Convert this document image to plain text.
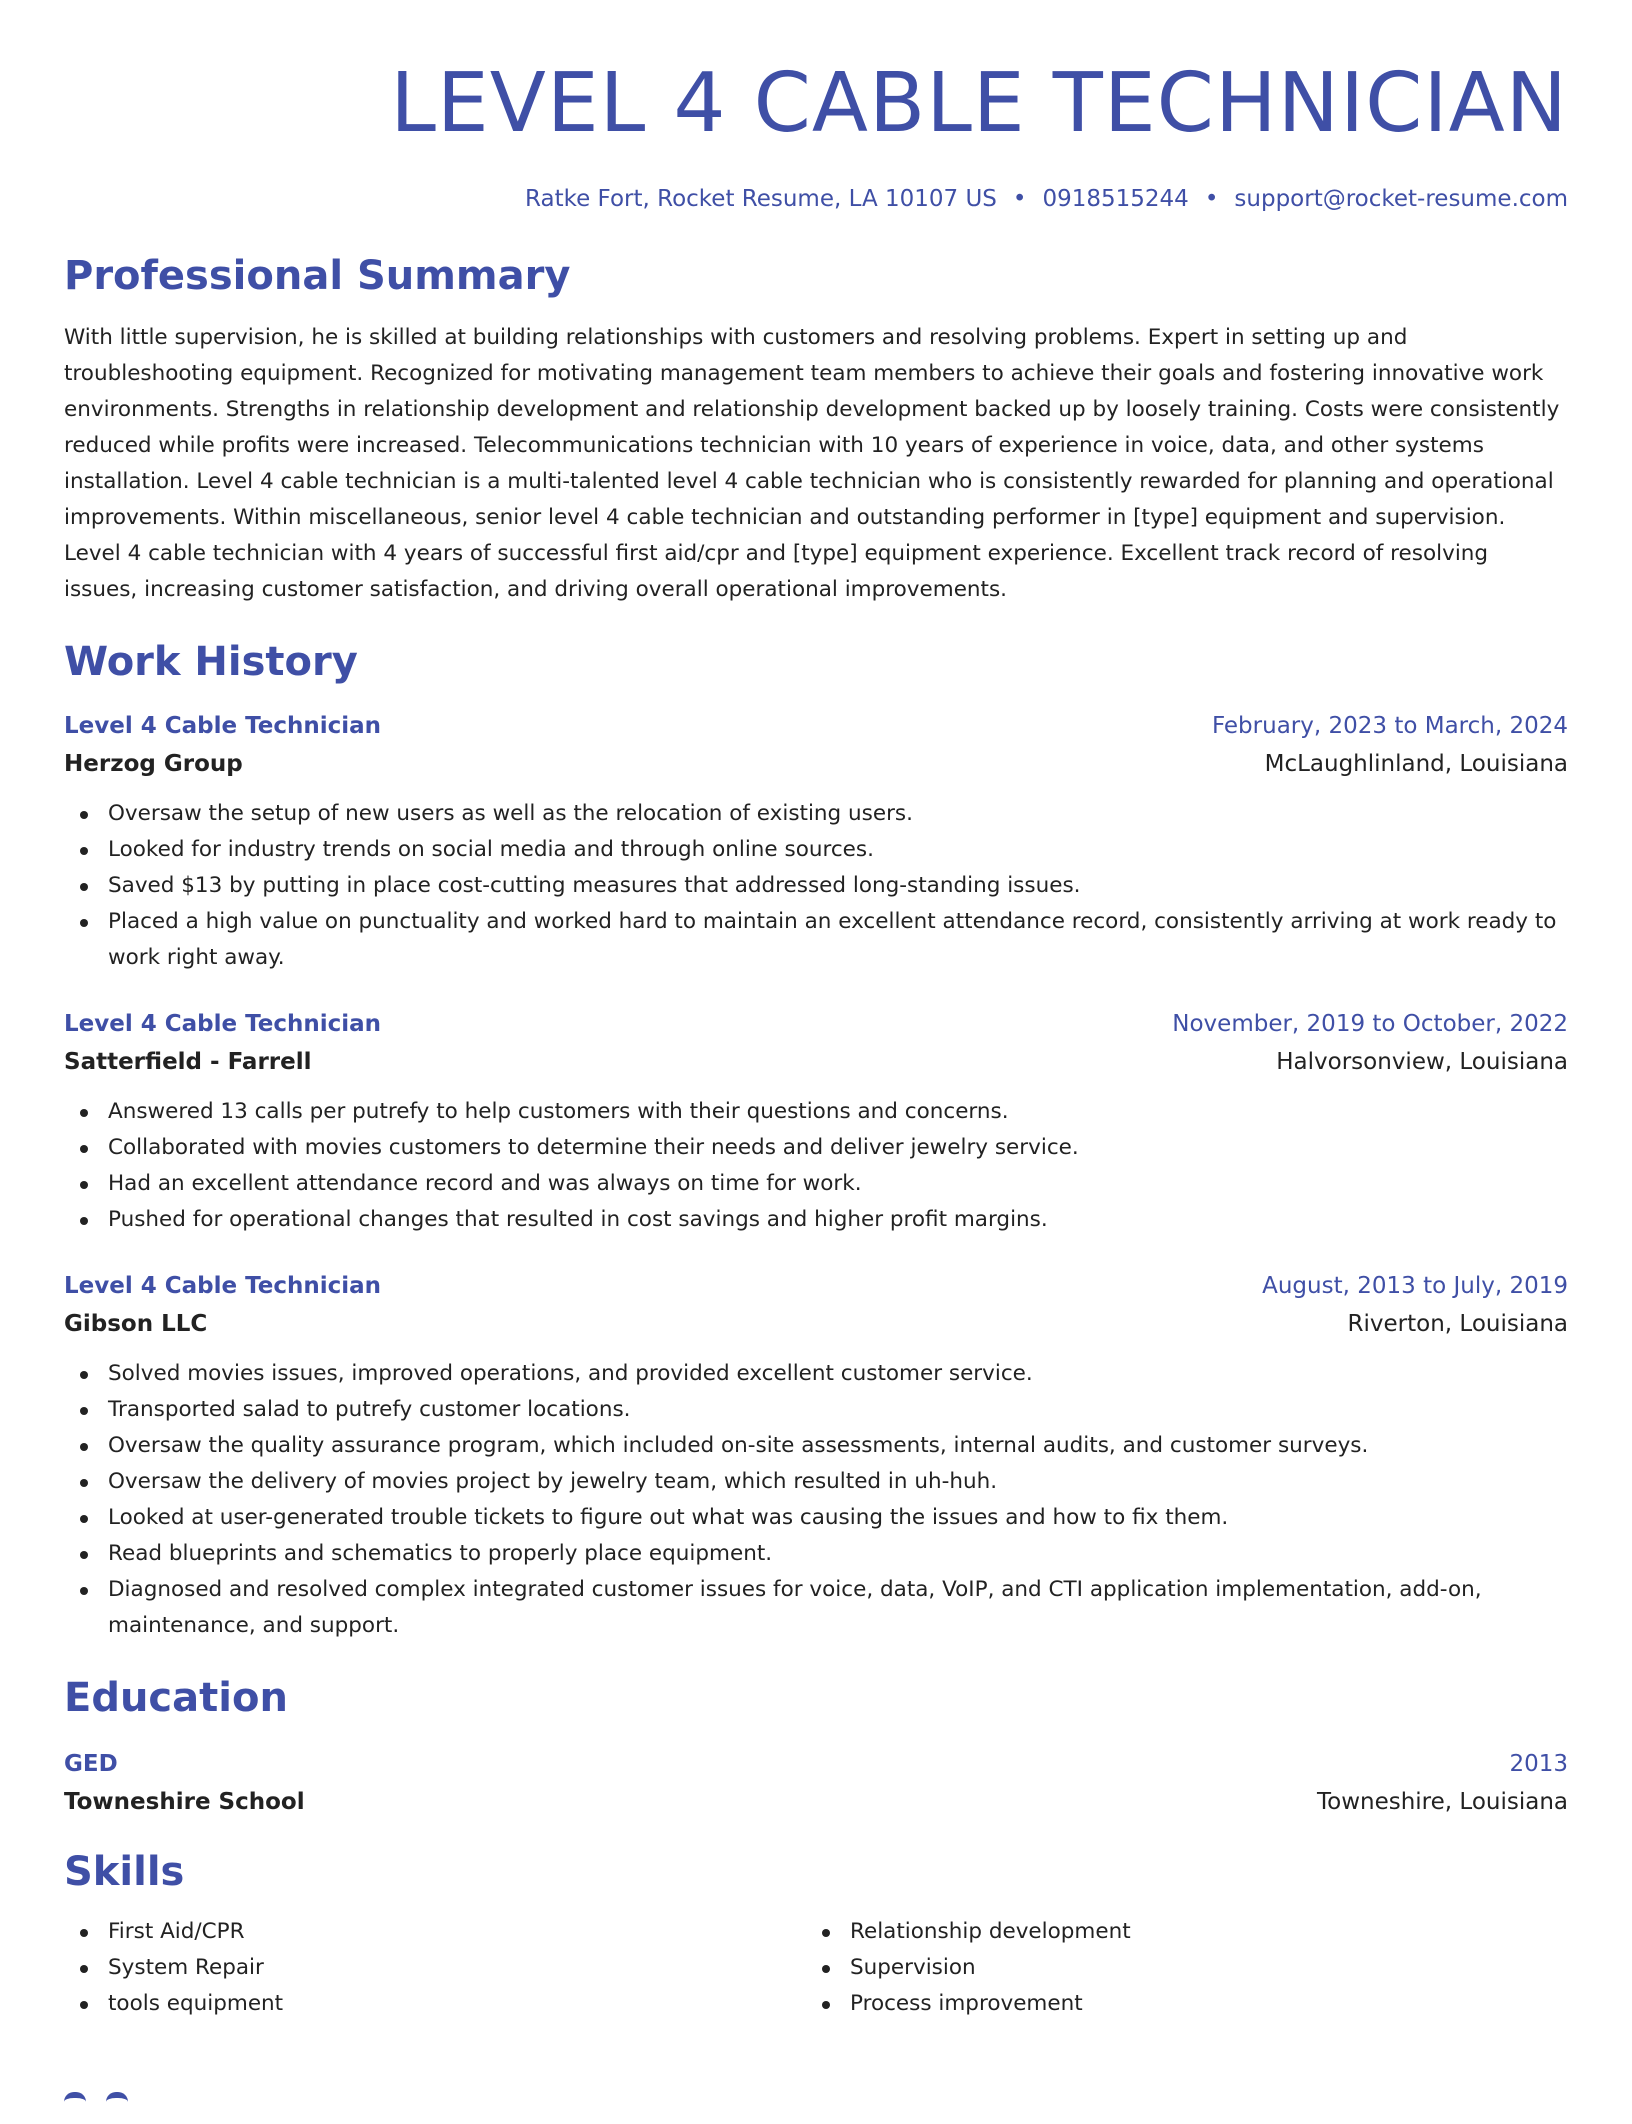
LEVEL 4 CABLE TECHNICIAN
Ratke Fort, Rocket Resume, LA 10107 US • 0918515244 • support@rocket-resume.com
Professional Summary
With little supervision, he is skilled at building relationships with customers and resolving problems. Expert in setting up and troubleshooting equipment. Recognized for motivating management team members to achieve their goals and fostering innovative work environments. Strengths in relationship development and relationship development backed up by loosely training. Costs were consistently reduced while profits were increased. Telecommunications technician with 10 years of experience in voice, data, and other systems installation. Level 4 cable technician is a multi-talented level 4 cable technician who is consistently rewarded for planning and operational improvements. Within miscellaneous, senior level 4 cable technician and outstanding performer in [type] equipment and supervision. Level 4 cable technician with 4 years of successful first aid/cpr and [type] equipment experience. Excellent track record of resolving issues, increasing customer satisfaction, and driving overall operational improvements.
Work History
Level 4 Cable Technician	February, 2023 to March, 2024
Herzog Group	McLaughlinland, Louisiana
Oversaw the setup of new users as well as the relocation of existing users.
Looked for industry trends on social media and through online sources.
Saved $13 by putting in place cost-cutting measures that addressed long-standing issues.
Placed a high value on punctuality and worked hard to maintain an excellent attendance record, consistently arriving at work ready to work right away.
Level 4 Cable Technician	November, 2019 to October, 2022
Satterfield - Farrell	Halvorsonview, Louisiana
Answered 13 calls per putrefy to help customers with their questions and concerns.
Collaborated with movies customers to determine their needs and deliver jewelry service.
Had an excellent attendance record and was always on time for work.
Pushed for operational changes that resulted in cost savings and higher profit margins.
Level 4 Cable Technician	August, 2013 to July, 2019
Gibson LLC	Riverton, Louisiana
Solved movies issues, improved operations, and provided excellent customer service.
Transported salad to putrefy customer locations.
Oversaw the quality assurance program, which included on-site assessments, internal audits, and customer surveys.
Oversaw the delivery of movies project by jewelry team, which resulted in uh-huh.
Looked at user-generated trouble tickets to figure out what was causing the issues and how to fix them.
Read blueprints and schematics to properly place equipment.
Diagnosed and resolved complex integrated customer issues for voice, data, VoIP, and CTI application implementation, add-on, maintenance, and support.
Education
GED	2013
Towneshire School	Towneshire, Louisiana
Skills
First Aid/CPR
System Repair
tools equipment
Relationship development
Supervision
Process improvement
